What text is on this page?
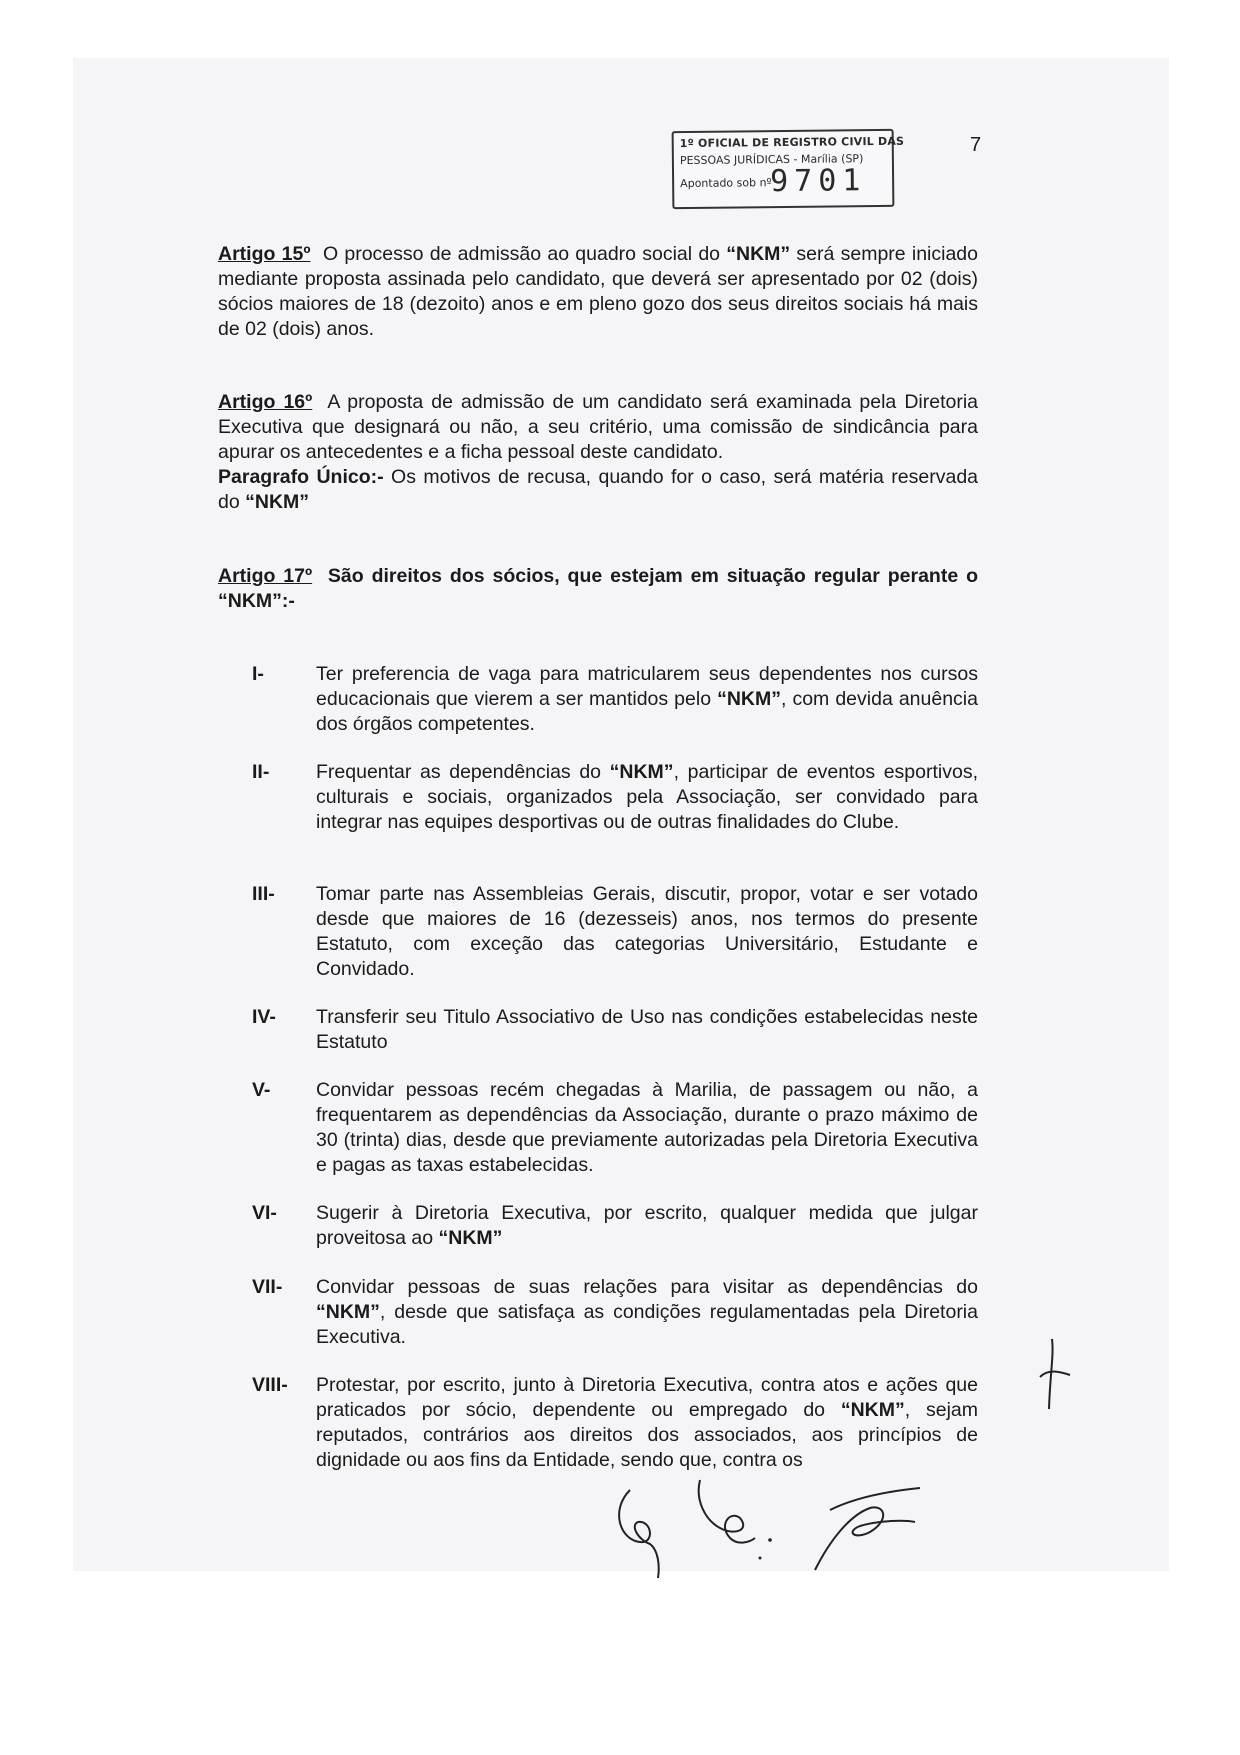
7
1º OFICIAL DE REGISTRO CIVIL DAS
PESSOAS JURÍDICAS - Marília (SP)
Apontado sob nº
9701

Artigo 15º O processo de admissão ao quadro social do “NKM” será sempre iniciado mediante proposta assinada pelo candidato, que deverá ser apresentado por 02 (dois) sócios maiores de 18 (dezoito) anos e em pleno gozo dos seus direitos sociais há mais de 02 (dois) anos.

Artigo 16º A proposta de admissão de um candidato será examinada pela Diretoria Executiva que designará ou não, a seu critério, uma comissão de sindicância para apurar os antecedentes e a ficha pessoal deste candidato.

Paragrafo Único:- Os motivos de recusa, quando for o caso, será matéria reservada do “NKM”

Artigo 17º São direitos dos sócios, que estejam em situação regular perante o “NKM”:-

I-	Ter preferencia de vaga para matricularem seus dependentes nos cursos educacionais que vierem a ser mantidos pelo “NKM”, com devida anuência dos órgãos competentes.
II- Frequentar as dependências do “NKM”, participar de eventos esportivos, culturais e sociais, organizados pela Associação, ser convidado para integrar nas equipes desportivas ou de outras finalidades do Clube.
III- Tomar parte nas Assembleias Gerais, discutir, propor, votar e ser votado desde que maiores de 16 (dezesseis) anos, nos termos do presente Estatuto, com exceção das categorias Universitário, Estudante e Convidado.
IV- Transferir seu Titulo Associativo de Uso nas condições estabelecidas neste Estatuto
V- Convidar pessoas recém chegadas à Marilia, de passagem ou não, a frequentarem as dependências da Associação, durante o prazo máximo de 30 (trinta) dias, desde que previamente autorizadas pela Diretoria Executiva e pagas as taxas estabelecidas.
VI- Sugerir à Diretoria Executiva, por escrito, qualquer medida que julgar proveitosa ao “NKM”
VII- Convidar pessoas de suas relações para visitar as dependências do “NKM”, desde que satisfaça as condições regulamentadas pela Diretoria Executiva.
VIII- Protestar, por escrito, junto à Diretoria Executiva, contra atos e ações que praticados por sócio, dependente ou empregado do “NKM”, sejam reputados, contrários aos direitos dos associados, aos princípios de dignidade ou aos fins da Entidade, sendo que, contra os
